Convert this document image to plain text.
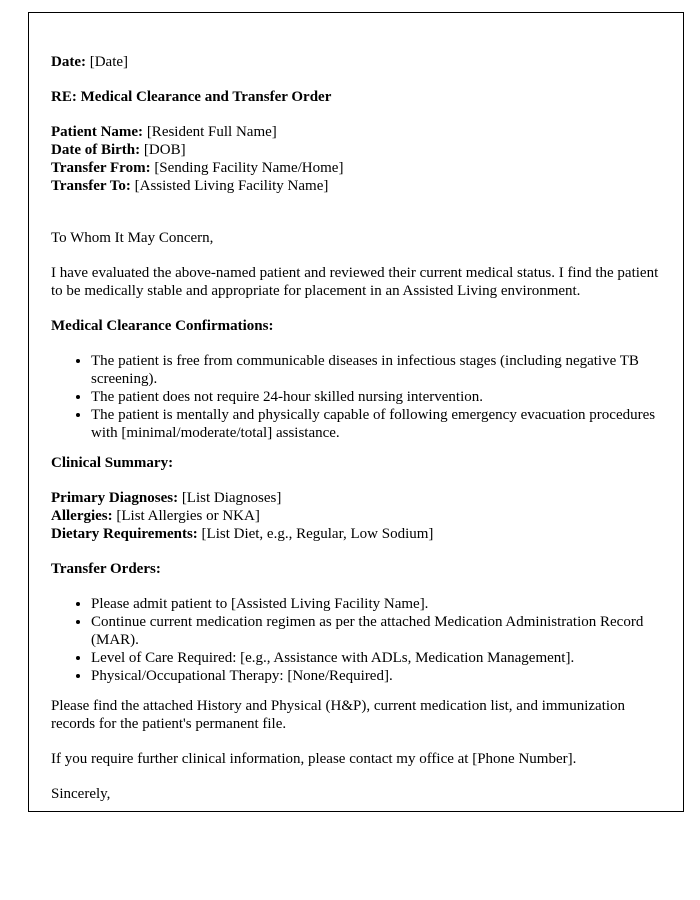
Date: [Date]

RE: Medical Clearance and Transfer Order

Patient Name: [Resident Full Name]

Date of Birth: [DOB]

Transfer From: [Sending Facility Name/Home]

Transfer To: [Assisted Living Facility Name]

To Whom It May Concern,

I have evaluated the above-named patient and reviewed their current medical status. I find the patient to be medically stable and appropriate for placement in an Assisted Living environment.

Medical Clearance Confirmations:

• The patient is free from communicable diseases in infectious stages (including negative TB screening).
• The patient does not require 24-hour skilled nursing intervention.
• The patient is mentally and physically capable of following emergency evacuation procedures with [minimal/moderate/total] assistance.

Clinical Summary:

Primary Diagnoses: [List Diagnoses]

Allergies: [List Allergies or NKA]

Dietary Requirements: [List Diet, e.g., Regular, Low Sodium]

Transfer Orders:

• Please admit patient to [Assisted Living Facility Name].
• Continue current medication regimen as per the attached Medication Administration Record (MAR).
• Level of Care Required: [e.g., Assistance with ADLs, Medication Management].
• Physical/Occupational Therapy: [None/Required].

Please find the attached History and Physical (H&P), current medication list, and immunization records for the patient's permanent file.

If you require further clinical information, please contact my office at [Phone Number].

Sincerely,
